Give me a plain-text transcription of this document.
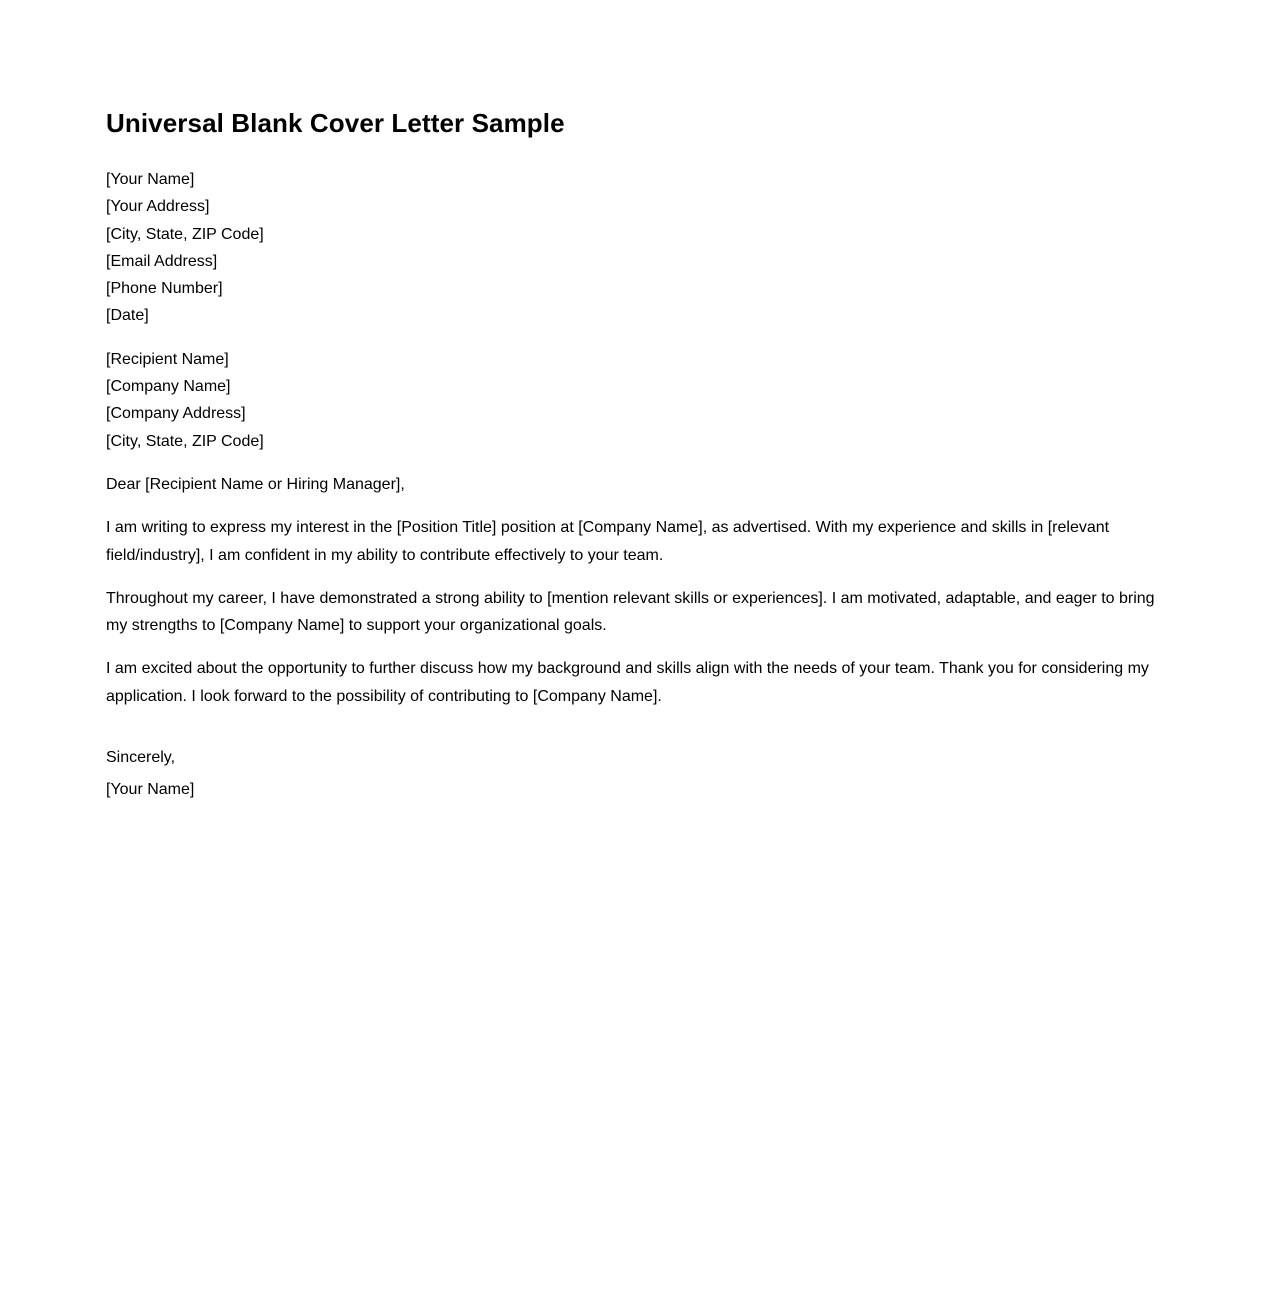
Universal Blank Cover Letter Sample
[Your Name]
[Your Address]
[City, State, ZIP Code]
[Email Address]
[Phone Number]
[Date]
[Recipient Name]
[Company Name]
[Company Address]
[City, State, ZIP Code]
Dear [Recipient Name or Hiring Manager],

I am writing to express my interest in the [Position Title] position at [Company Name], as advertised. With my experience and skills in [relevant field/industry], I am confident in my ability to contribute effectively to your team.

Throughout my career, I have demonstrated a strong ability to [mention relevant skills or experiences]. I am motivated, adaptable, and eager to bring my strengths to [Company Name] to support your organizational goals.

I am excited about the opportunity to further discuss how my background and skills align with the needs of your team. Thank you for considering my application. I look forward to the possibility of contributing to [Company Name].

Sincerely,
[Your Name]
